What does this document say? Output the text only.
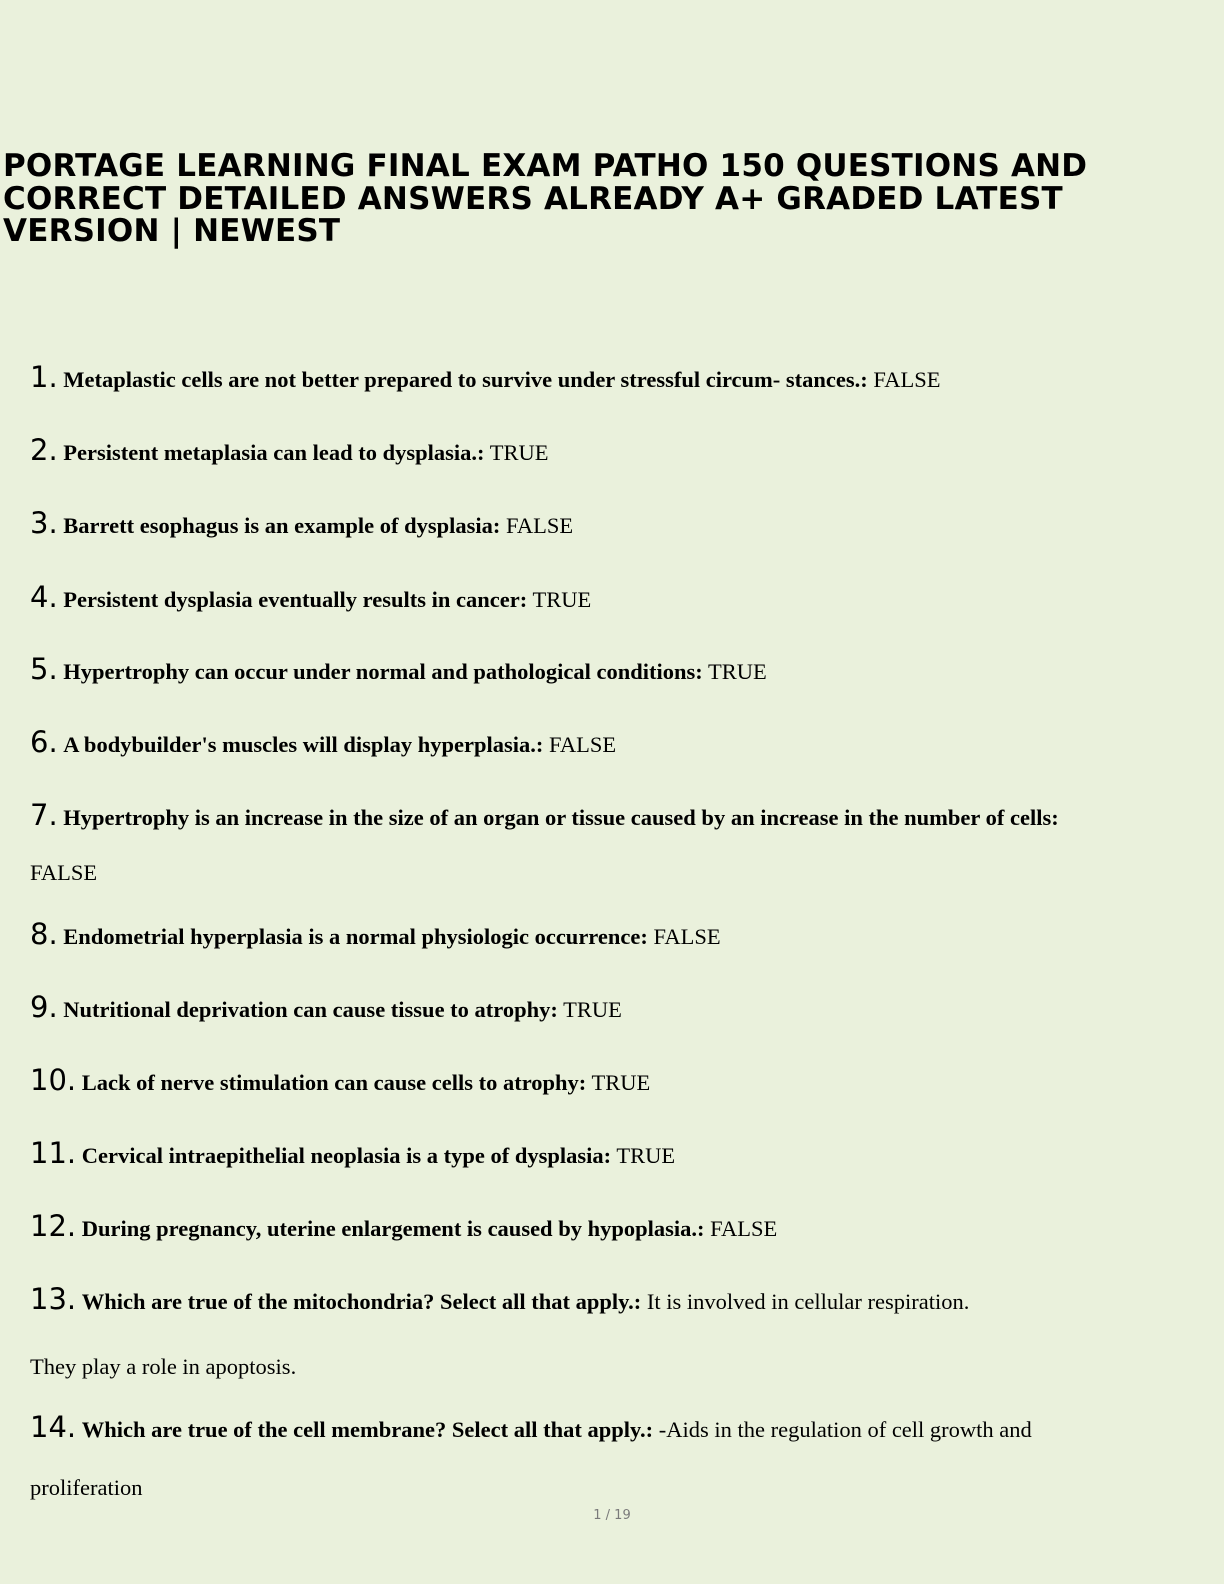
PORTAGE LEARNING FINAL EXAM PATHO 150 QUESTIONS AND CORRECT DETAILED ANSWERS ALREADY A+ GRADED LATEST VERSION | NEWEST
1. Metaplastic cells are not better prepared to survive under stressful circum- stances.: FALSE
2. Persistent metaplasia can lead to dysplasia.: TRUE
3. Barrett esophagus is an example of dysplasia: FALSE
4. Persistent dysplasia eventually results in cancer: TRUE
5. Hypertrophy can occur under normal and pathological conditions: TRUE
6. A bodybuilder's muscles will display hyperplasia.: FALSE
7. Hypertrophy is an increase in the size of an organ or tissue caused by an increase in the number of cells:
FALSE
8. Endometrial hyperplasia is a normal physiologic occurrence: FALSE
9. Nutritional deprivation can cause tissue to atrophy: TRUE
10. Lack of nerve stimulation can cause cells to atrophy: TRUE
11. Cervical intraepithelial neoplasia is a type of dysplasia: TRUE
12. During pregnancy, uterine enlargement is caused by hypoplasia.: FALSE
13. Which are true of the mitochondria? Select all that apply.: It is involved in cellular respiration.
They play a role in apoptosis.
14. Which are true of the cell membrane? Select all that apply.: -Aids in the regulation of cell growth and
proliferation
1 / 19
